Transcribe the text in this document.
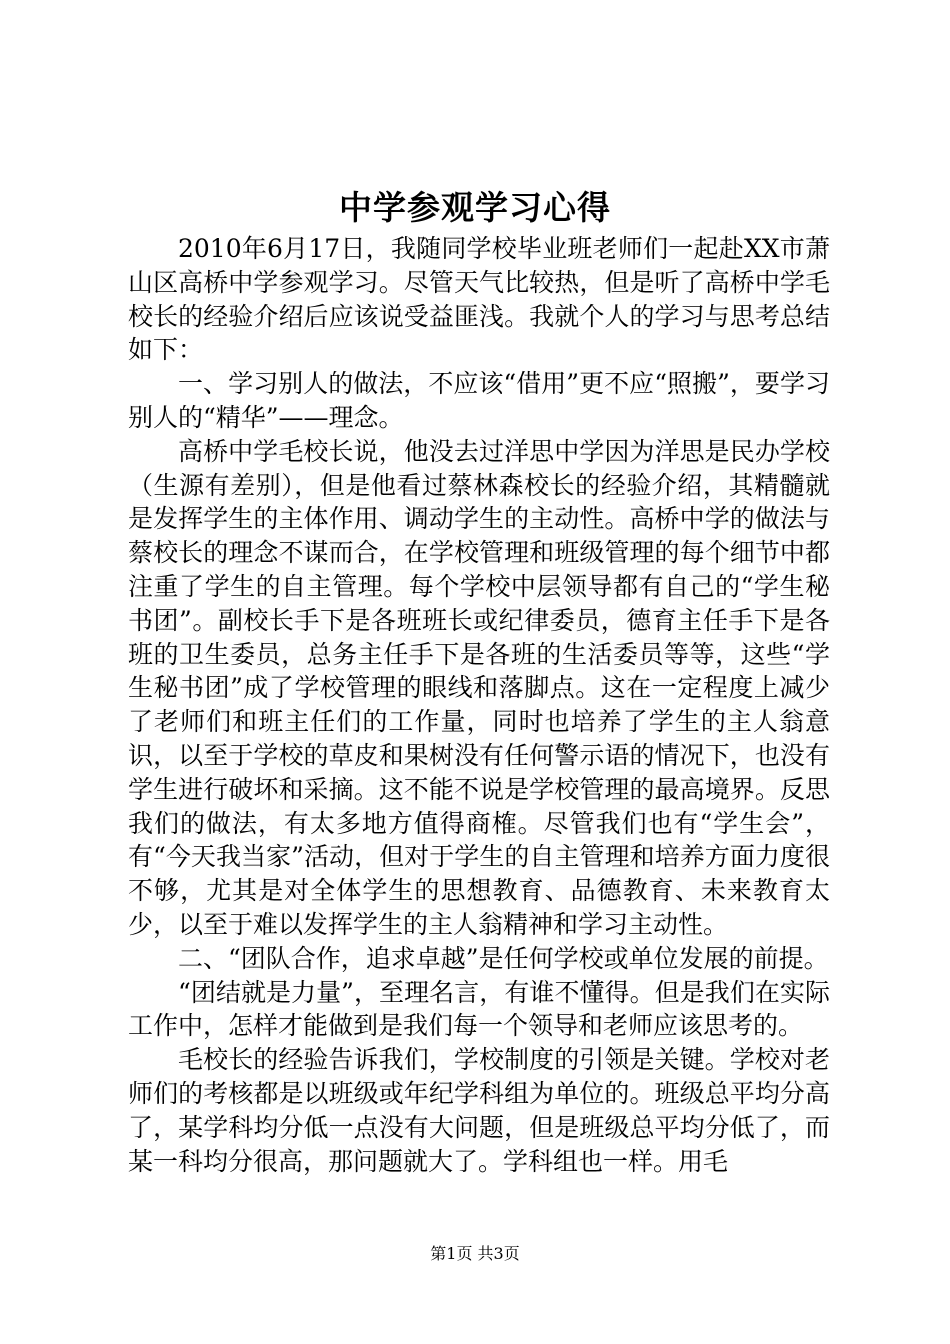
中学参观学习心得

2010年6月17日，我随同学校毕业班老师们一起赴XX市萧山区高桥中学参观学习。尽管天气比较热，但是听了高桥中学毛校长的经验介绍后应该说受益匪浅。我就个人的学习与思考总结如下：

一、学习别人的做法，不应该“借用”更不应“照搬”，要学习别人的“精华”——理念。

高桥中学毛校长说，他没去过洋思中学因为洋思是民办学校（生源有差别），但是他看过蔡林森校长的经验介绍，其精髓就是发挥学生的主体作用、调动学生的主动性。高桥中学的做法与蔡校长的理念不谋而合，在学校管理和班级管理的每个细节中都注重了学生的自主管理。每个学校中层领导都有自己的“学生秘书团”。副校长手下是各班班长或纪律委员，德育主任手下是各班的卫生委员，总务主任手下是各班的生活委员等等，这些“学生秘书团”成了学校管理的眼线和落脚点。这在一定程度上减少了老师们和班主任们的工作量，同时也培养了学生的主人翁意识，以至于学校的草皮和果树没有任何警示语的情况下，也没有学生进行破坏和采摘。这不能不说是学校管理的最高境界。反思我们的做法，有太多地方值得商榷。尽管我们也有“学生会”，有“今天我当家”活动，但对于学生的自主管理和培养方面力度很不够，尤其是对全体学生的思想教育、品德教育、未来教育太少，以至于难以发挥学生的主人翁精神和学习主动性。

二、“团队合作，追求卓越”是任何学校或单位发展的前提。

“团结就是力量”，至理名言，有谁不懂得。但是我们在实际工作中，怎样才能做到是我们每一个领导和老师应该思考的。

毛校长的经验告诉我们，学校制度的引领是关键。学校对老师们的考核都是以班级或年纪学科组为单位的。班级总平均分高了，某学科均分低一点没有大问题，但是班级总平均分低了，而某一科均分很高，那问题就大了。学科组也一样。用毛

第1页 共3页
